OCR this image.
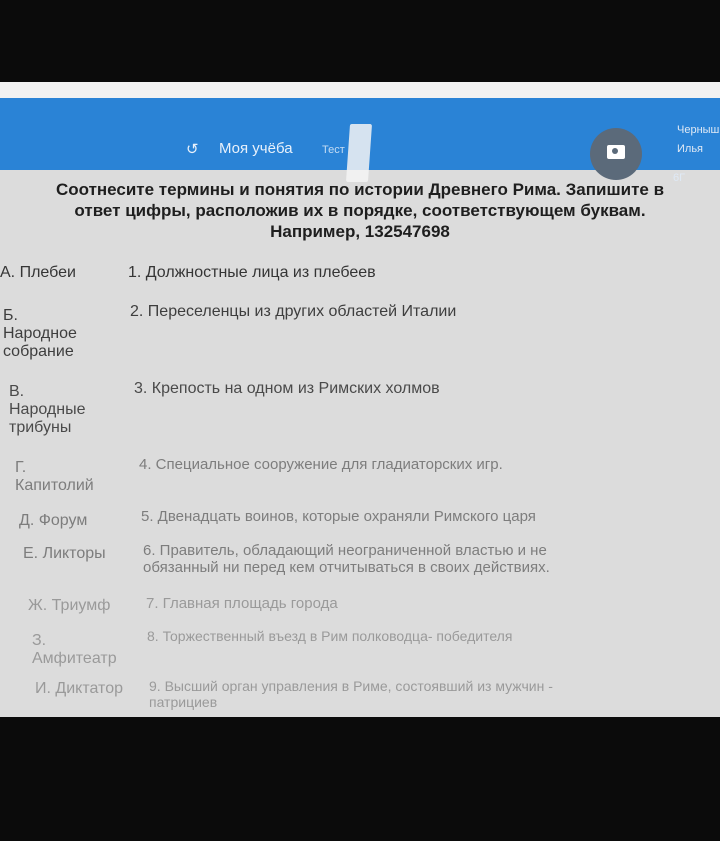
↺ Моя учёба	Тест
Черныш
Илья
6Г
Соотнесите термины и понятия по истории Древнего Рима. Запишите в
ответ цифры, расположив их в порядке, соответствующем буквам.
Например, 132547698
А. Плебеи
Б.
Народное
собрание
В.
Народные
трибуны
Г.
Капитолий
Д. Форум
Е. Ликторы
Ж. Триумф
З.
Амфитеатр
И. Диктатор
1. Должностные лица из плебеев
2. Переселенцы из других областей Италии
3. Крепость на одном из Римских холмов
4. Специальное сооружение для гладиаторских игр.
5. Двенадцать воинов, которые охраняли Римского царя
6. Правитель, обладающий неограниченной властью и не
обязанный ни перед кем отчитываться в своих действиях.
7. Главная площадь города
8. Торжественный въезд в Рим полководца- победителя
9. Высший орган управления в Риме, состоявший из мужчин -
патрициев
